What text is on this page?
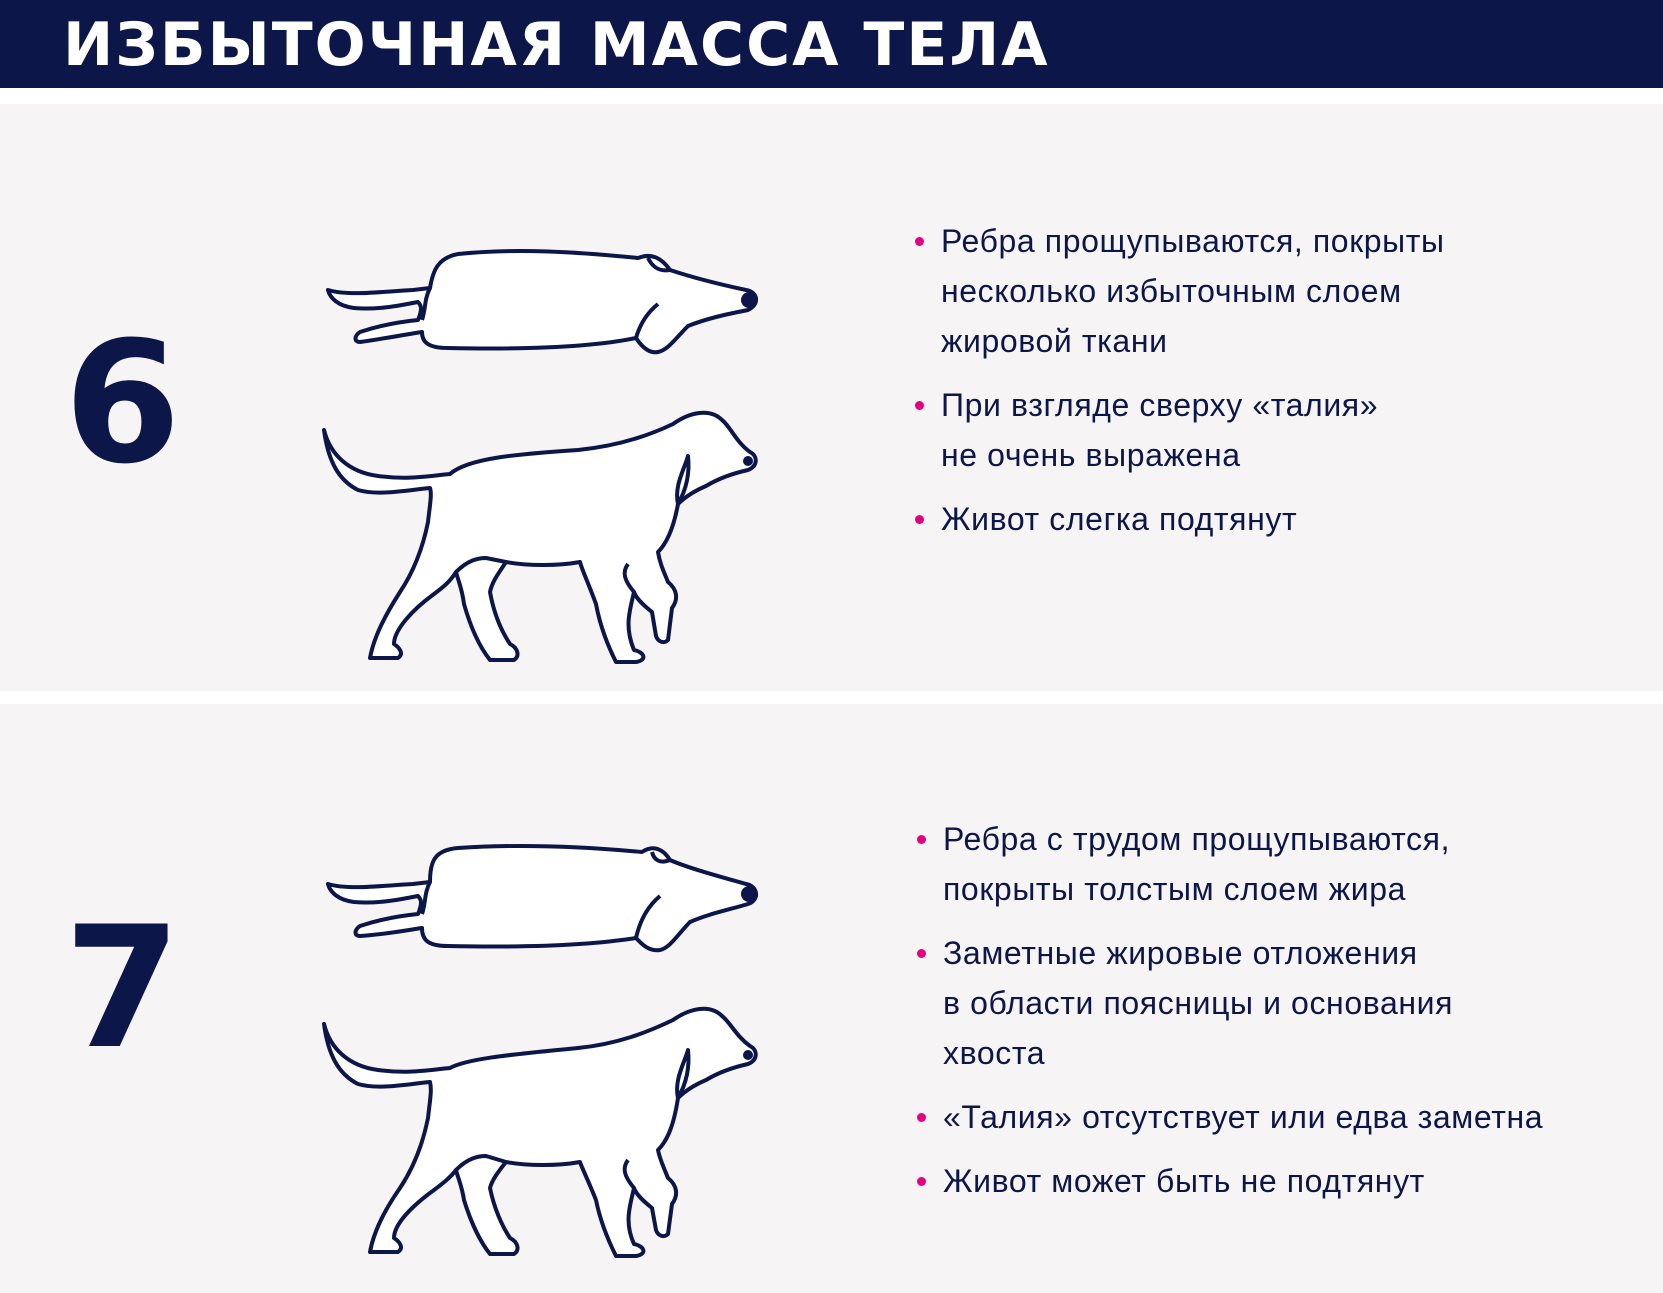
ИЗБЫТОЧНАЯ МАССА ТЕЛА
6
Ребра прощупываются, покрыты
несколько избыточным слоем
жировой ткани
При взгляде сверху «талия»
не очень выражена
Живот слегка подтянут
7
Ребра с трудом прощупываются,
покрыты толстым слоем жира
Заметные жировые отложения
в области поясницы и основания
хвоста
«Талия» отсутствует или едва заметна
Живот может быть не подтянут
